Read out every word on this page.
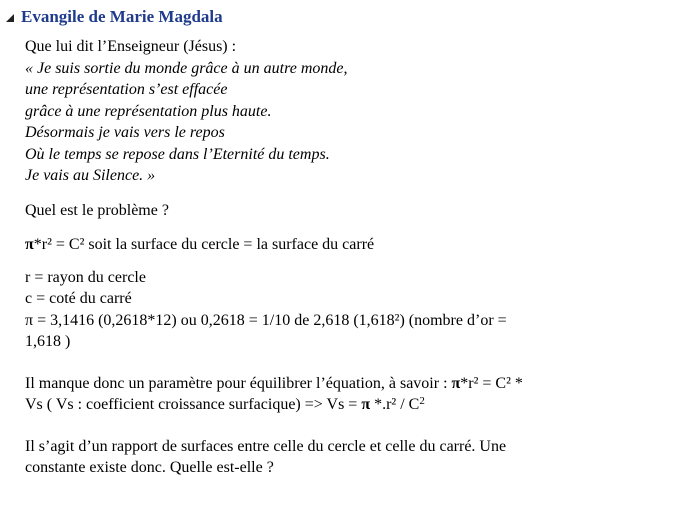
Evangile de Marie Magdala

Que lui dit l’Enseigneur (Jésus) :

« Je suis sortie du monde grâce à un autre monde,

une représentation s’est effacée

grâce à une représentation plus haute.

Désormais je vais vers le repos

Où le temps se repose dans l’Eternité du temps.

Je vais au Silence. »

Quel est le problème ?

π*r² = C² soit la surface du cercle = la surface du carré

r = rayon du cercle

c = coté du carré

π = 3,1416 (0,2618*12) ou 0,2618 = 1/10 de 2,618 (1,618²) (nombre d’or =

1,618 )

Il manque donc un paramètre pour équilibrer l’équation, à savoir : π*r² = C² *

Vs ( Vs : coefficient croissance surfacique) => Vs = π $*.r^2 / C^2$

Il s’agit d’un rapport de surfaces entre celle du cercle et celle du carré. Une

constante existe donc. Quelle est-elle ?
